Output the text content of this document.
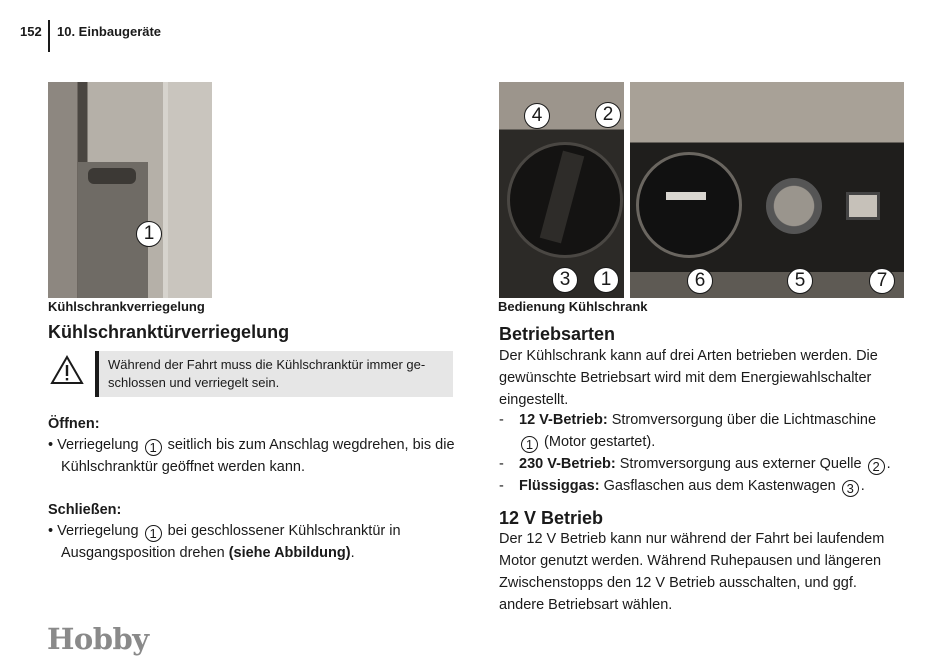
152 10. Einbaugeräte
1
Kühlschrankverriegelung
4	2
3	1	6	5	7
Bedienung Kühlschrank
Kühlschranktürverriegelung
Während der Fahrt muss die Kühlschranktür immer ge-
schlossen und verriegelt sein.
Öffnen:
• Verriegelung 1 seitlich bis zum Anschlag wegdrehen, bis die
Kühlschranktür geöffnet werden kann.
Schließen:
• Verriegelung 1 bei geschlossener Kühlschranktür in
Ausgangsposition drehen (siehe Abbildung).
Betriebsarten
Der Kühlschrank kann auf drei Arten betrieben werden. Die
gewünschte Betriebsart wird mit dem Energiewahlschalter
eingestellt.
- 12 V-Betrieb: Stromversorgung über die Lichtmaschine
1 (Motor gestartet).
- 230 V-Betrieb: Stromversorgung aus externer Quelle 2 .
- Flüssiggas: Gasflaschen aus dem Kastenwagen 3 .
12 V Betrieb
Der 12 V Betrieb kann nur während der Fahrt bei laufendem
Motor genutzt werden. Während Ruhepausen und längeren
Zwischenstopps den 12 V Betrieb ausschalten, und ggf.
andere Betriebsart wählen.
Hobby
